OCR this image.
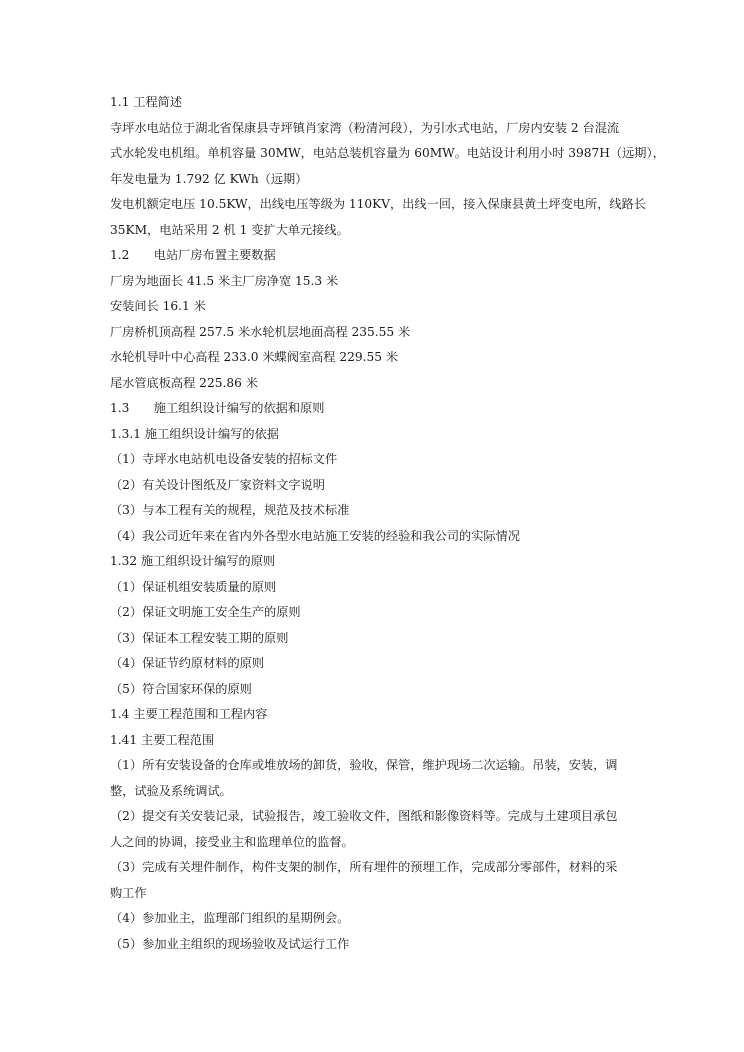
1.1 工程简述
寺坪水电站位于湖北省保康县寺坪镇肖家湾（粉清河段），为引水式电站，厂房内安装 2 台混流
式水轮发电机组。单机容量 30MW，电站总装机容量为 60MW。电站设计利用小时 3987H（远期），
年发电量为 1.792 亿 KWh（远期）
发电机额定电压 10.5KW，出线电压等级为 110KV，出线一回，接入保康县黄土坪变电所，线路长
35KM，电站采用 2 机 1 变扩大单元接线。
1.2　　电站厂房布置主要数据
厂房为地面长 41.5 米主厂房净宽 15.3 米
安装间长 16.1 米
厂房桥机顶高程 257.5 米水轮机层地面高程 235.55 米
水轮机导叶中心高程 233.0 米蝶阀室高程 229.55 米
尾水管底板高程 225.86 米
1.3　　施工组织设计编写的依据和原则
1.3.1 施工组织设计编写的依据
（1）寺坪水电站机电设备安装的招标文件
（2）有关设计图纸及厂家资料文字说明
（3）与本工程有关的规程，规范及技术标准
（4）我公司近年来在省内外各型水电站施工安装的经验和我公司的实际情况
1.32 施工组织设计编写的原则
（1）保证机组安装质量的原则
（2）保证文明施工安全生产的原则
（3）保证本工程安装工期的原则
（4）保证节约原材料的原则
（5）符合国家环保的原则
1.4 主要工程范围和工程内容
1.41 主要工程范围
（1）所有安装设备的仓库或堆放场的卸货，验收，保管，维护现场二次运输。吊装，安装，调
整，试验及系统调试。
（2）提交有关安装记录，试验报告，竣工验收文件，图纸和影像资料等。完成与土建项目承包
人之间的协调，接受业主和监理单位的监督。
（3）完成有关埋件制作，构件支架的制作，所有埋件的预埋工作，完成部分零部件，材料的采
购工作
（4）参加业主，监理部门组织的星期例会。
（5）参加业主组织的现场验收及试运行工作
